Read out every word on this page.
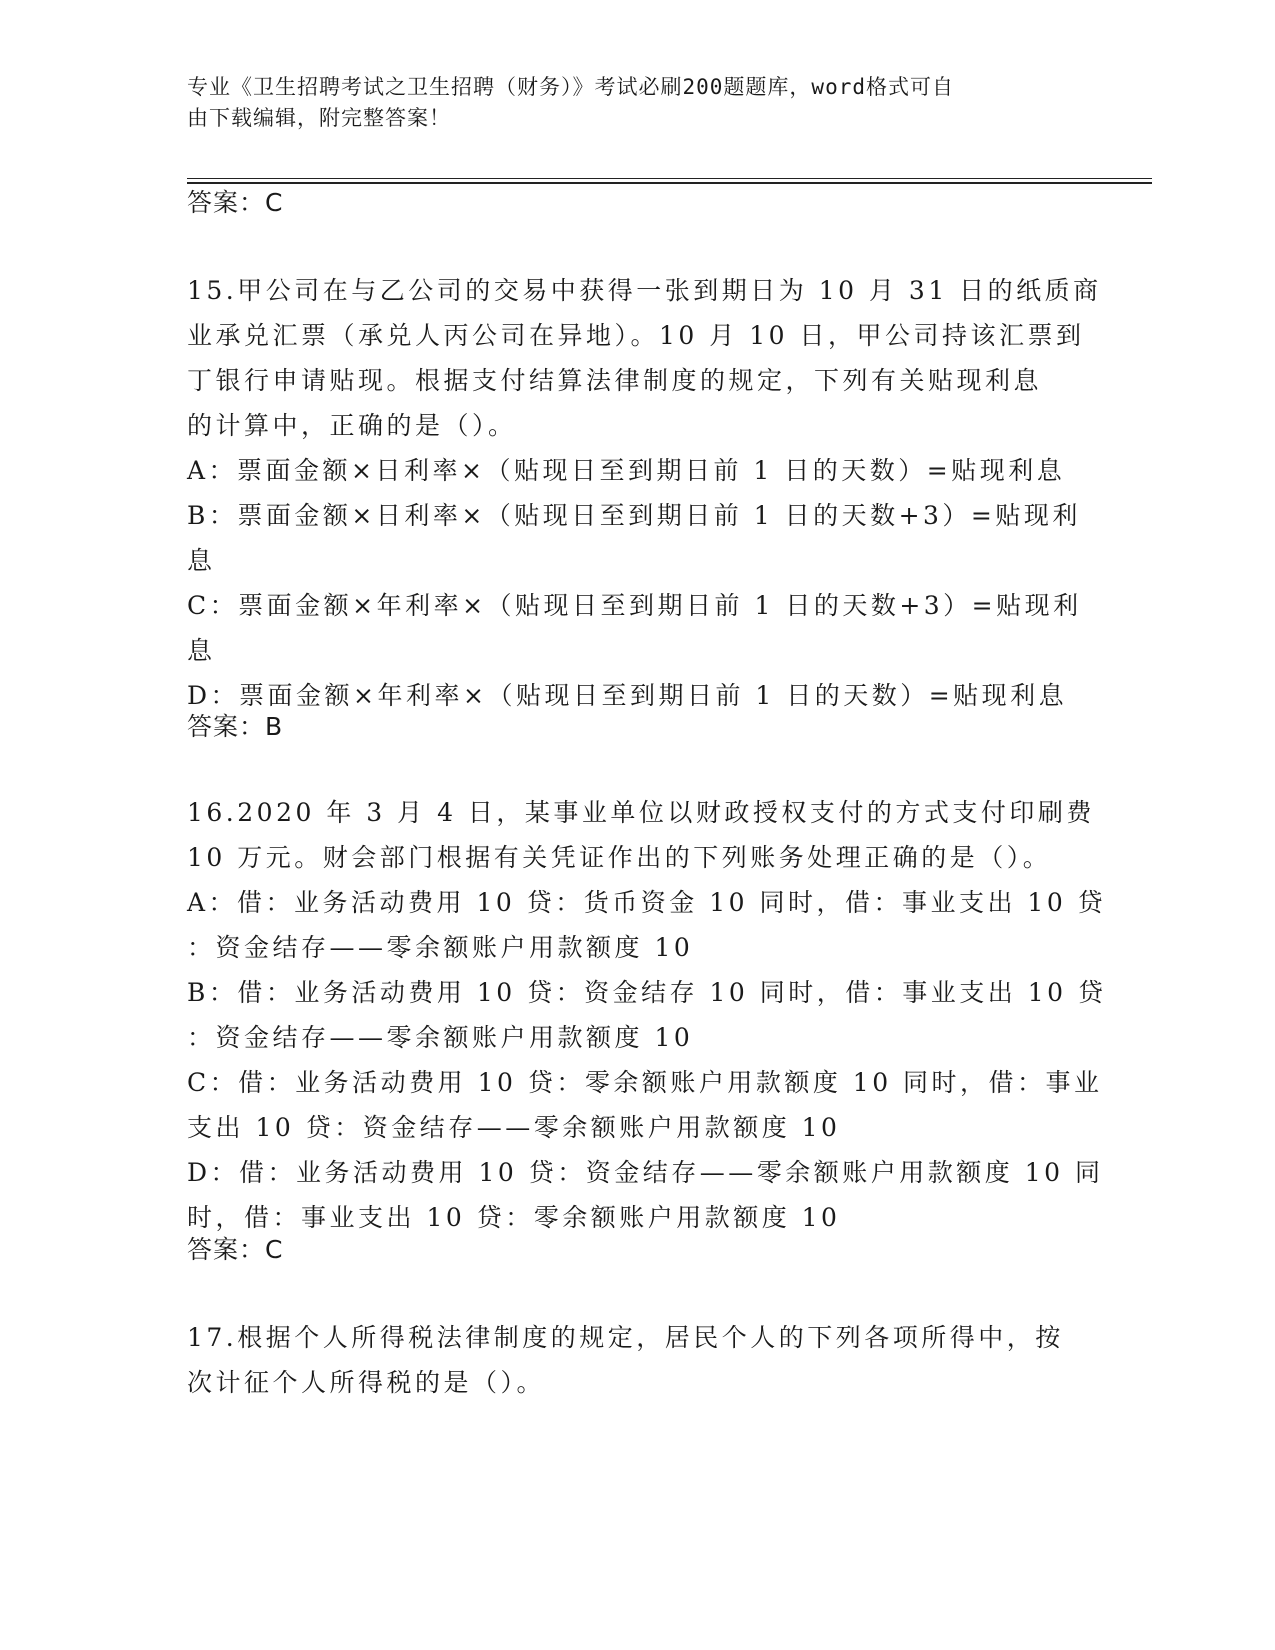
专业《卫生招聘考试之卫生招聘（财务）》考试必刷200题题库，word格式可自
由下载编辑，附完整答案！
答案：C
15.甲公司在与乙公司的交易中获得一张到期日为 10 月 31 日的纸质商
业承兑汇票（承兑人丙公司在异地）。10 月 10 日，甲公司持该汇票到
丁银行申请贴现。根据支付结算法律制度的规定，下列有关贴现利息
的计算中，正确的是（）。
A：票面金额×日利率×（贴现日至到期日前 1 日的天数）=贴现利息
B：票面金额×日利率×（贴现日至到期日前 1 日的天数+3）=贴现利
息
C：票面金额×年利率×（贴现日至到期日前 1 日的天数+3）=贴现利
息
D：票面金额×年利率×（贴现日至到期日前 1 日的天数）=贴现利息
答案：B
16.2020 年 3 月 4 日，某事业单位以财政授权支付的方式支付印刷费
10 万元。财会部门根据有关凭证作出的下列账务处理正确的是（）。
A：借：业务活动费用 10 贷：货币资金 10 同时，借：事业支出 10 贷
：资金结存——零余额账户用款额度 10
B：借：业务活动费用 10 贷：资金结存 10 同时，借：事业支出 10 贷
：资金结存——零余额账户用款额度 10
C：借：业务活动费用 10 贷：零余额账户用款额度 10 同时，借：事业
支出 10 贷：资金结存——零余额账户用款额度 10
D：借：业务活动费用 10 贷：资金结存——零余额账户用款额度 10 同
时，借：事业支出 10 贷：零余额账户用款额度 10
答案：C
17.根据个人所得税法律制度的规定，居民个人的下列各项所得中，按
次计征个人所得税的是（）。
